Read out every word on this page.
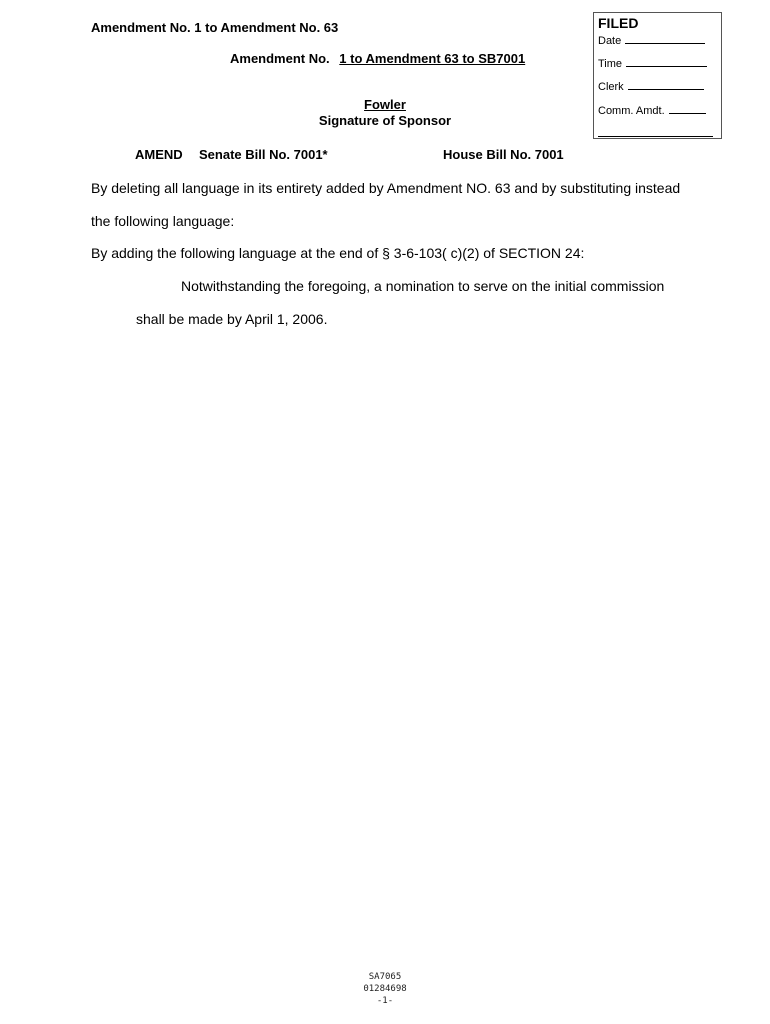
Amendment No. 1 to Amendment No. 63
Amendment No. 1 to Amendment 63 to SB7001
Fowler
Signature of Sponsor
FILED
Date
Time
Clerk
Comm. Amdt.
AMEND Senate Bill No. 7001*	House Bill No. 7001
By deleting all language in its entirety added by Amendment NO. 63 and by substituting instead
the following language:
By adding the following language at the end of § 3-6-103( c)(2) of SECTION 24:
Notwithstanding the foregoing, a nomination to serve on the initial commission
shall be made by April 1, 2006.
SA7065
01284698
-1-
